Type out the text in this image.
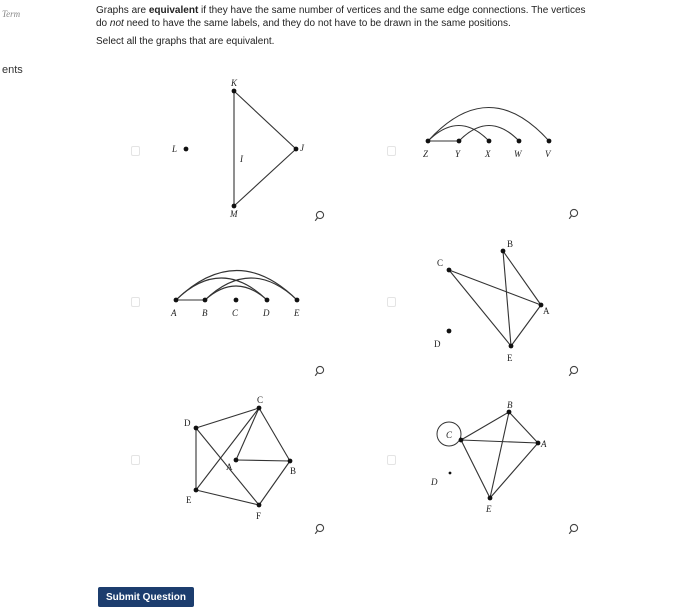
Term
ents

Graphs are equivalent if they have the same number of vertices and the same edge connections. The vertices
do not need to have the same labels, and they do not have to be drawn in the same positions.

Select all the graphs that are equivalent.

K
L
I
J
M
Z	Y	X	W	V
A	B	C	D	E
B
C
A
D
E
D
C
A	B
E
F
B
C
A
D
E
Submit Question
